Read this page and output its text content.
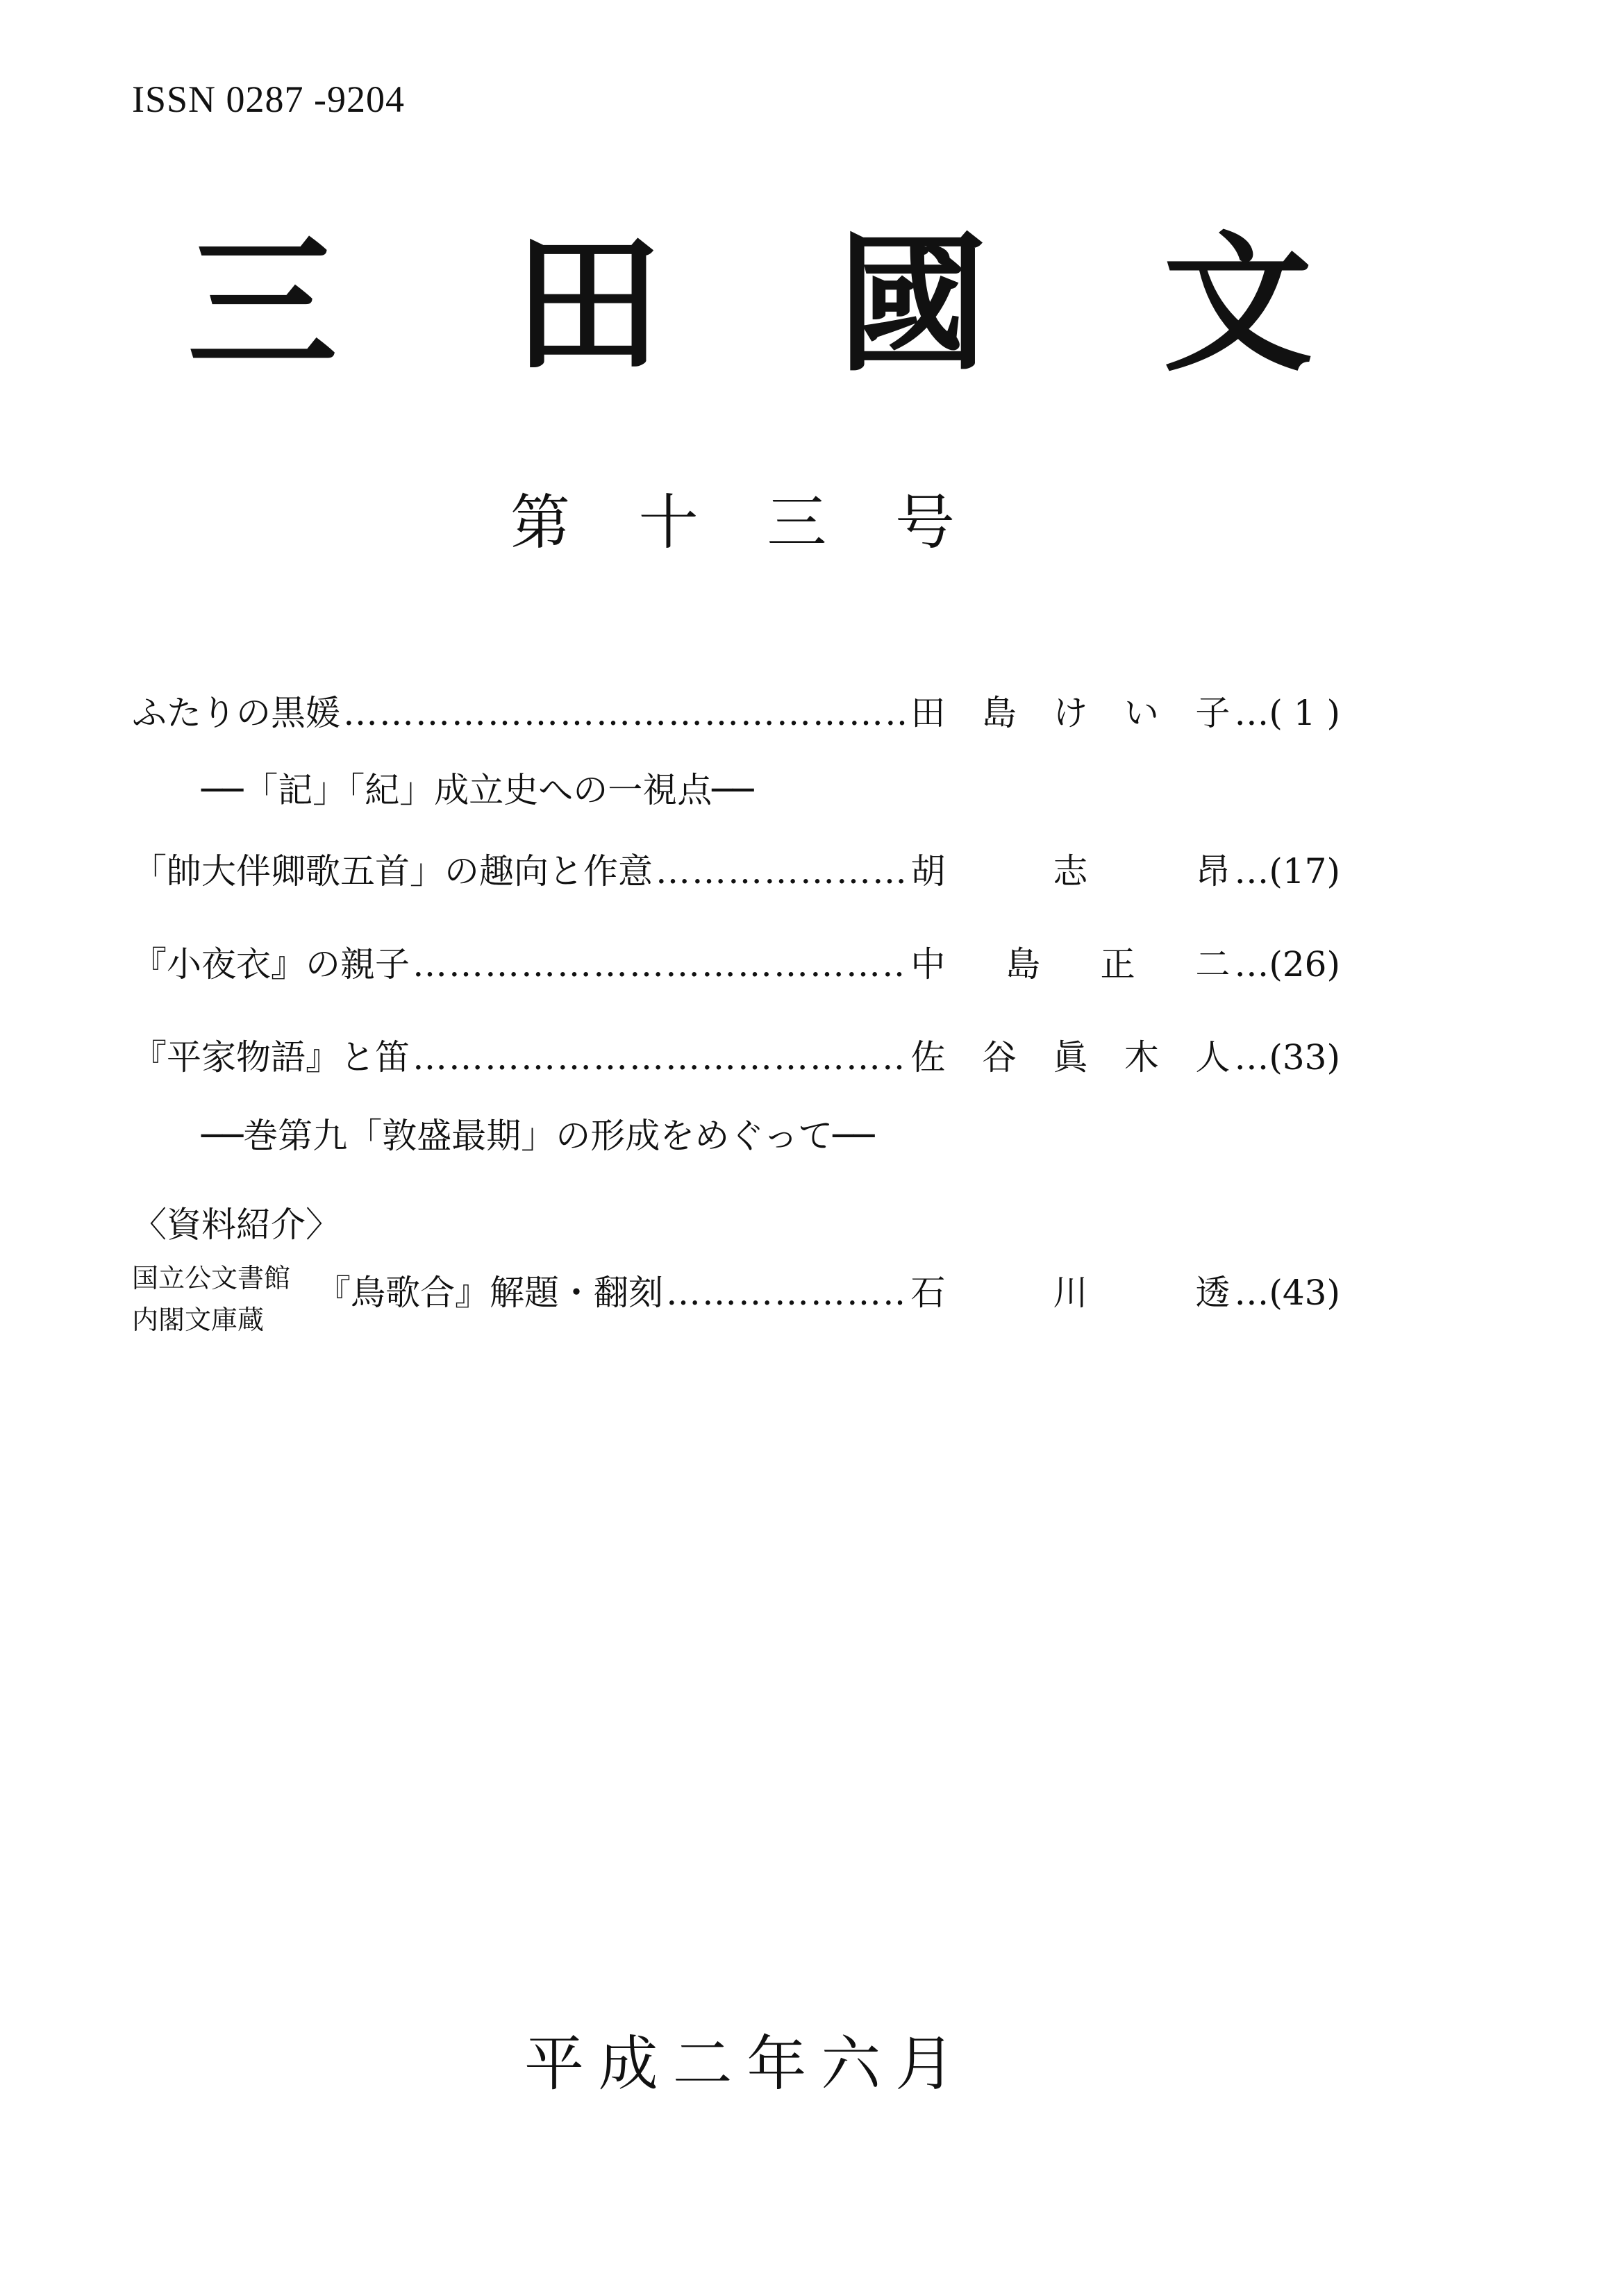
ISSN 0287 -9204
三 田 國 文
第 十 三 号
ふたりの黒媛 …………………………………………………………………………………………………………………………………………	田 島 け い 子 …( 1 )
──「記」「紀」成立史への一視点──
「帥大伴卿歌五首」の趣向と作意 …………………………………………………………………………………………………………………………………………	胡	志	昂 …(17)
『小夜衣』の親子 …………………………………………………………………………………………………………………………………………	中 島 正 二 …(26)
『平家物語』と笛 …………………………………………………………………………………………………………………………………………	佐 谷 眞 木 人 …(33)
──巻第九「敦盛最期」の形成をめぐって──
〈資料紹介〉
国立公文書館
内閣文庫蔵
『鳥歌合』解題・翻刻 …………………………………………………………………………………………………………………………………………	石	川	透 …(43)
平 成 二 年 六 月
